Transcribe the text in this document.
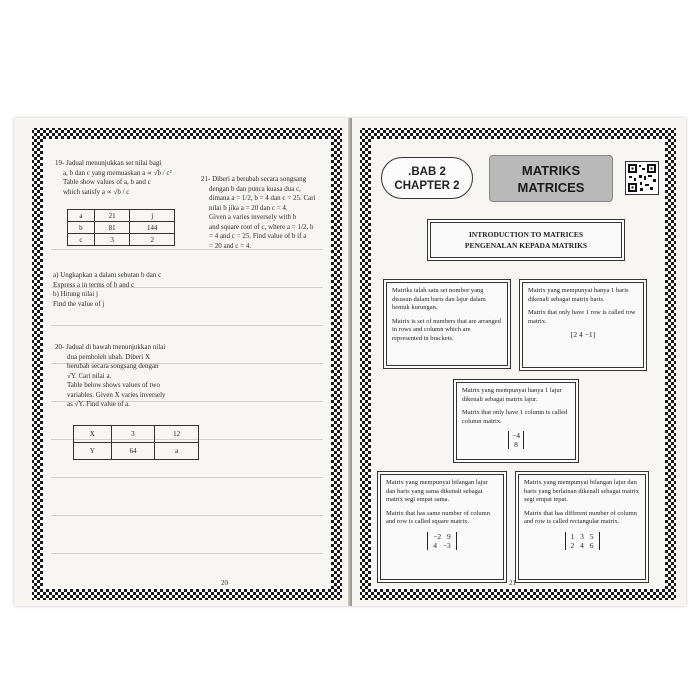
19- Jadual menunjukkan set nilai bagi
a, b dan c yang memuaskan a ∝ √b / c²
Table show values of a, b and c
which satisfy a ∝ √b / c
a	21	j
b	81	144
c	3	2
a) Ungkapkan a dalam sebutan b dan c
Express a in terms of b and c
b) Hitung nilai j
Find the value of j
21- Diberi a berubah secara songsang
dengan b dan punca kuasa dua c,
dimana a = 1/2, b = 4 dan c = 25. Cari
nilai b jika a = 20 dan c = 4.
Given a varies inversely with b
and square root of c, where a = 1/2, b
= 4 and c = 25. Find value of b if a
= 20 and c = 4.
20- Jadual di bawah menunjukkan nilai
dua pemboleh ubah. Diberi X
berubah secara songsang dengan
√Y. Cari nilai a.
Table below shows values of two
variables. Given X varies inversely
as √Y. Find value of a.
X	3	12
Y	64	a
20
.BAB 2
CHAPTER 2
MATRIKS
MATRICES
INTRODUCTION TO MATRICES
PENGENALAN KEPADA MATRIKS

Matriks ialah satu set nombor yang disusun dalam baris dan lajur dalam bentuk kurungan.

Matrix is set of numbers that are arranged in rows and column which are represented in brackets.

Matrix yang mempunyai hanya 1 baris dikenali sebagai matrix baris.

Matrix that only have 1 row is called row matrix.

[2 4 −1]

Matrix yang mempunyai hanya 1 lajur dikenali sebagai matrix lajur.

Matrix that only have 1 column is called column matrix.

−4
8

Matrix yang mempunyai bilangan lajur dan baris yang sama dikenali sebagai matrix segi empat sama.

Matrix that has same number of column and row is called square matrix.

−2 9
4 −3

Matrix yang mempunyai bilangan lajur dan baris yang berlainan dikenali sebagai matrix segi empat tepat.

Matrix that has different number of column and row is called rectangular matrix.

1 3 5
2 4 6
21
